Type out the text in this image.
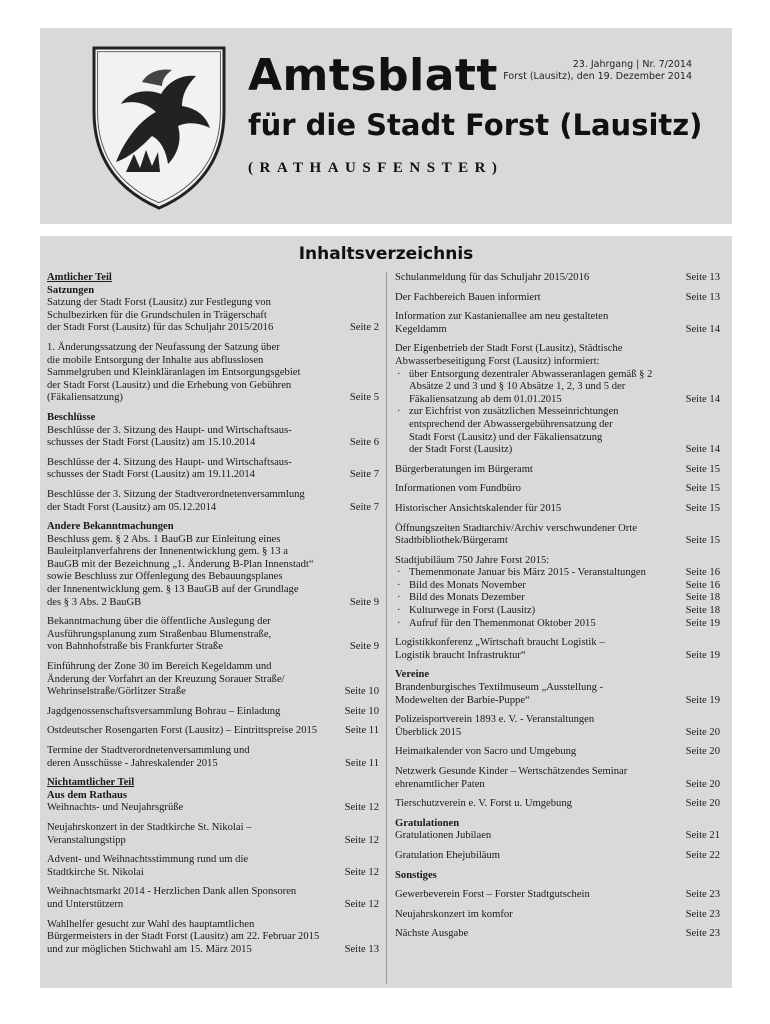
Amtsblatt	23. Jahrgang | Nr. 7/2014
Forst (Lausitz), den 19. Dezember 2014
für die Stadt Forst (Lausitz)
(RATHAUSFENSTER)
Inhaltsverzeichnis
Amtlicher Teil
Satzungen
Satzung der Stadt Forst (Lausitz) zur Festlegung von
Schulbezirken für die Grundschulen in Trägerschaft
der Stadt Forst (Lausitz) für das Schuljahr 2015/2016	Seite 2
1. Änderungssatzung der Neufassung der Satzung über
die mobile Entsorgung der Inhalte aus abflusslosen
Sammelgruben und Kleinkläranlagen im Entsorgungsgebiet
der Stadt Forst (Lausitz) und die Erhebung von Gebühren
(Fäkaliensatzung)	Seite 5
Beschlüsse
Beschlüsse der 3. Sitzung des Haupt- und Wirtschaftsaus-
schusses der Stadt Forst (Lausitz) am 15.10.2014	Seite 6
Beschlüsse der 4. Sitzung des Haupt- und Wirtschaftsaus-
schusses der Stadt Forst (Lausitz) am 19.11.2014	Seite 7
Beschlüsse der 3. Sitzung der Stadtverordnetenversammlung
der Stadt Forst (Lausitz) am 05.12.2014	Seite 7
Andere Bekanntmachungen
Beschluss gem. § 2 Abs. 1 BauGB zur Einleitung eines
Bauleitplanverfahrens der Innenentwicklung gem. § 13 a
BauGB mit der Bezeichnung „1. Änderung B-Plan Innenstadt“
sowie Beschluss zur Offenlegung des Bebauungsplanes
der Innenentwicklung gem. § 13 BauGB auf der Grundlage
des § 3 Abs. 2 BauGB	Seite 9
Bekanntmachung über die öffentliche Auslegung der
Ausführungsplanung zum Straßenbau Blumenstraße,
von Bahnhofstraße bis Frankfurter Straße	Seite 9
Einführung der Zone 30 im Bereich Kegeldamm und
Änderung der Vorfahrt an der Kreuzung Sorauer Straße/
Wehrinselstraße/Görlitzer Straße	Seite 10
Jagdgenossenschaftsversammlung Bohrau – Einladung	Seite 10
Ostdeutscher Rosengarten Forst (Lausitz) – Eintrittspreise 2015	Seite 11
Termine der Stadtverordnetenversammlung und
deren Ausschüsse - Jahreskalender 2015	Seite 11
Nichtamtlicher Teil
Aus dem Rathaus
Weihnachts- und Neujahrsgrüße	Seite 12
Neujahrskonzert in der Stadtkirche St. Nikolai –
Veranstaltungstipp	Seite 12
Advent- und Weihnachtsstimmung rund um die
Stadtkirche St. Nikolai	Seite 12
Weihnachtsmarkt 2014 - Herzlichen Dank allen Sponsoren
und Unterstützern	Seite 12
Wahlhelfer gesucht zur Wahl des hauptamtlichen
Bürgermeisters in der Stadt Forst (Lausitz) am 22. Februar 2015
und zur möglichen Stichwahl am 15. März 2015	Seite 13
Schulanmeldung für das Schuljahr 2015/2016	Seite 13
Der Fachbereich Bauen informiert	Seite 13
Information zur Kastanienallee am neu gestalteten
Kegeldamm	Seite 14
Der Eigenbetrieb der Stadt Forst (Lausitz), Städtische
Abwasserbeseitigung Forst (Lausitz) informiert:
· über Entsorgung dezentraler Abwasseranlagen gemäß § 2
Absätze 2 und 3 und § 10 Absätze 1, 2, 3 und 5 der
Fäkaliensatzung ab dem 01.01.2015	Seite 14
· zur Eichfrist von zusätzlichen Messeinrichtungen
entsprechend der Abwassergebührensatzung der
Stadt Forst (Lausitz) und der Fäkaliensatzung
der Stadt Forst (Lausitz)	Seite 14
Bürgerberatungen im Bürgeramt	Seite 15
Informationen vom Fundbüro	Seite 15
Historischer Ansichtskalender für 2015	Seite 15
Öffnungszeiten Stadtarchiv/Archiv verschwundener Orte
Stadtbibliothek/Bürgeramt	Seite 15
Stadtjubiläum 750 Jahre Forst 2015:
· Themenmonate Januar bis März 2015 - Veranstaltungen	Seite 16
· Bild des Monats November	Seite 16
· Bild des Monats Dezember	Seite 18
· Kulturwege in Forst (Lausitz)	Seite 18
· Aufruf für den Themenmonat Oktober 2015	Seite 19
Logistikkonferenz „Wirtschaft braucht Logistik –
Logistik braucht Infrastruktur“	Seite 19
Vereine
Brandenburgisches Textilmuseum „Ausstellung -
Modewelten der Barbie-Puppe“	Seite 19
Polizeisportverein 1893 e. V. - Veranstaltungen
Überblick 2015	Seite 20
Heimatkalender von Sacro und Umgebung	Seite 20
Netzwerk Gesunde Kinder – Wertschätzendes Seminar
ehrenamtlicher Paten	Seite 20
Tierschutzverein e. V. Forst u. Umgebung	Seite 20
Gratulationen
Gratulationen Jubilaen	Seite 21
Gratulation Ehejubiläum	Seite 22
Sonstiges
Gewerbeverein Forst – Forster Stadtgutschein	Seite 23
Neujahrskonzert im komfor	Seite 23
Nächste Ausgabe	Seite 23
